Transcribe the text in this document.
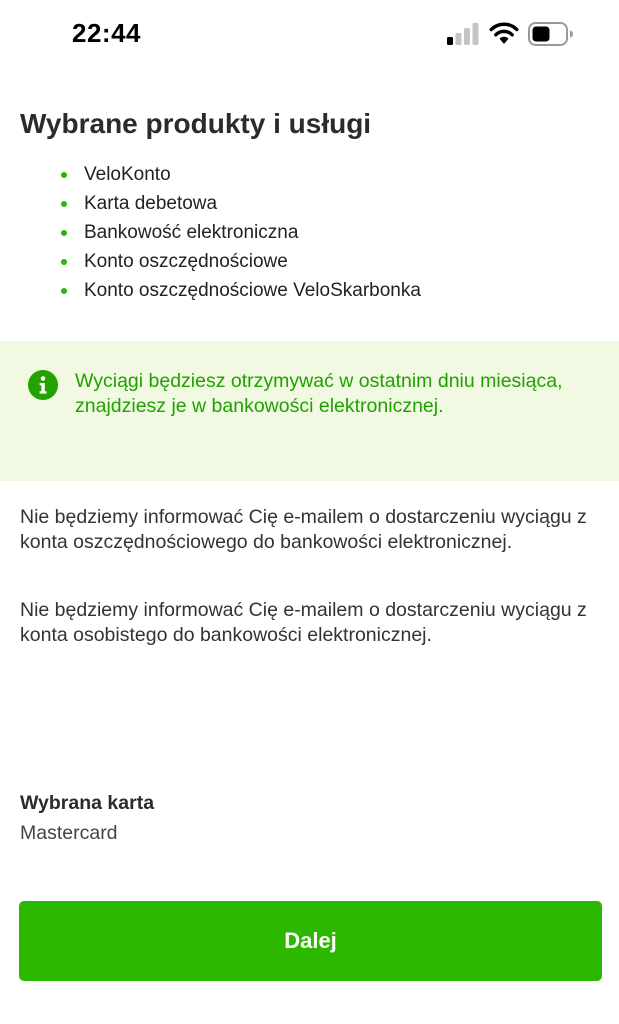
22:44
Wybrane produkty i usługi
VeloKonto
Karta debetowa
Bankowość elektroniczna
Konto oszczędnościowe
Konto oszczędnościowe VeloSkarbonka

Wyciągi będziesz otrzymywać w ostatnim dniu miesiąca, znajdziesz je w bankowości elektronicznej.

Nie będziemy informować Cię e-mailem o dostarczeniu wyciągu z konta oszczędnościowego do bankowości elektronicznej.

Nie będziemy informować Cię e-mailem o dostarczeniu wyciągu z konta osobistego do bankowości elektronicznej.

Wybrana karta

Mastercard

Dalej
